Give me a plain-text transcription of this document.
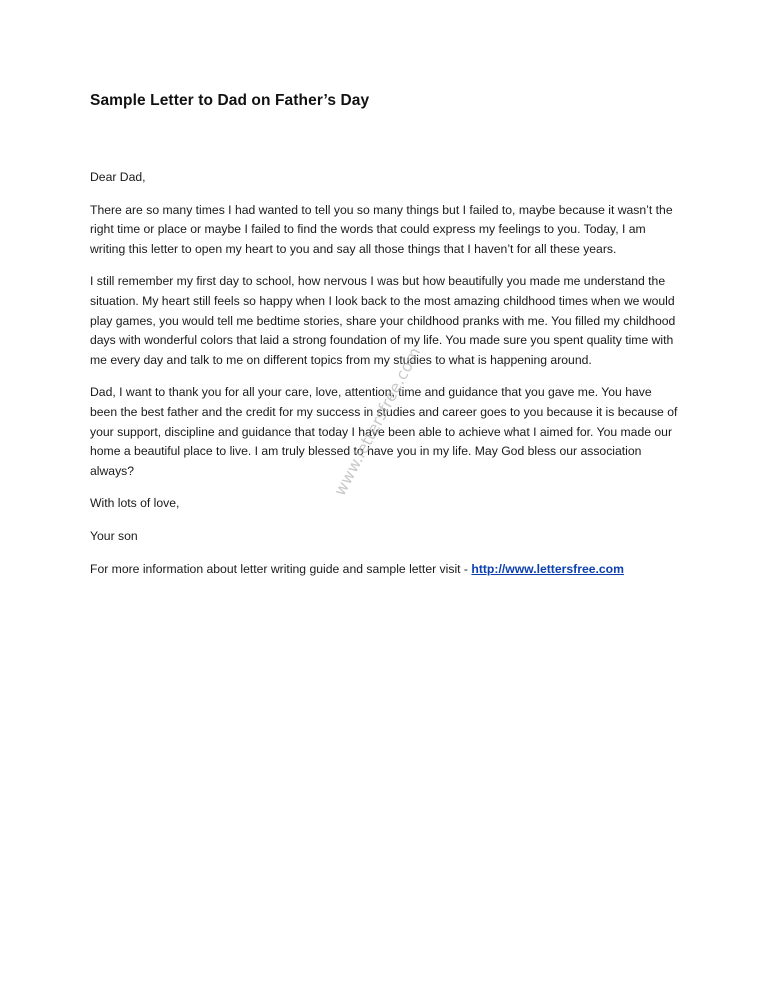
Sample Letter to Dad on Father’s Day

Dear Dad,

There are so many times I had wanted to tell you so many things but I failed to, maybe because it wasn’t the right time or place or maybe I failed to find the words that could express my feelings to you. Today, I am writing this letter to open my heart to you and say all those things that I haven’t for all these years.

I still remember my first day to school, how nervous I was but how beautifully you made me understand the situation. My heart still feels so happy when I look back to the most amazing childhood times when we would play games, you would tell me bedtime stories, share your childhood pranks with me. You filled my childhood days with wonderful colors that laid a strong foundation of my life. You made sure you spent quality time with me every day and talk to me on different topics from my studies to what is happening around.

Dad, I want to thank you for all your care, love, attention, time and guidance that you gave me. You have been the best father and the credit for my success in studies and career goes to you because it is because of your support, discipline and guidance that today I have been able to achieve what I aimed for. You made our home a beautiful place to live. I am truly blessed to have you in my life. May God bless our association always?

With lots of love,

Your son

For more information about letter writing guide and sample letter visit - http://www.lettersfree.com

www.lettersfree.com
